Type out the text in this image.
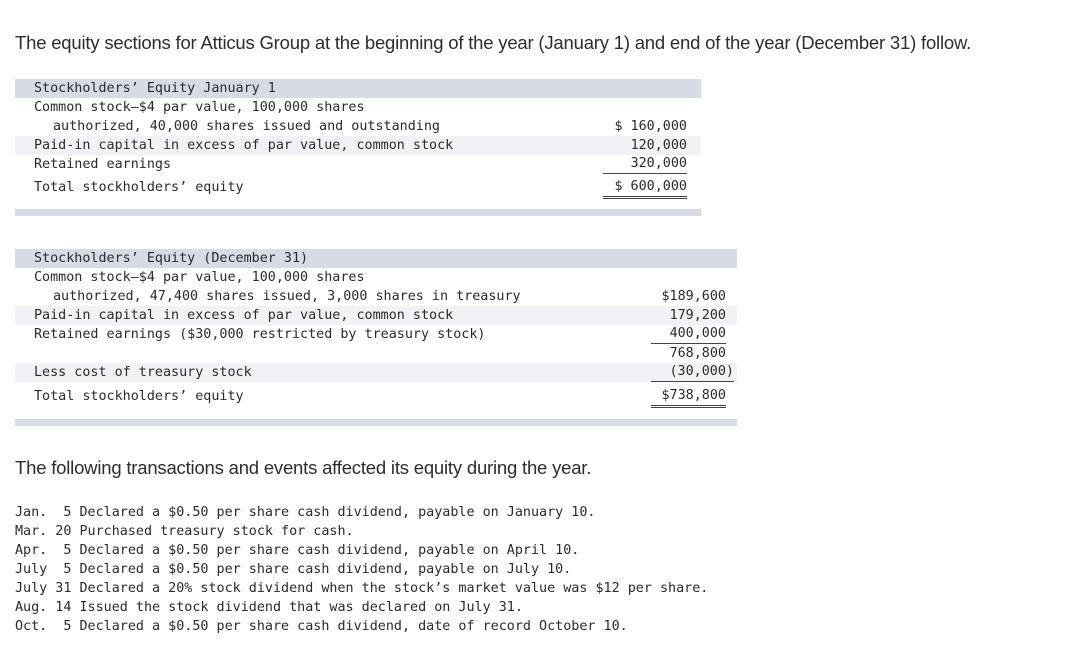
The equity sections for Atticus Group at the beginning of the year (January 1) and end of the year (December 31) follow.

Stockholders’ Equity January 1
Common stock—$4 par value, 100,000 shares
authorized, 40,000 shares issued and outstanding	$ 160,000
Paid-in capital in excess of par value, common stock	120,000
Retained earnings	320,000
Total stockholders’ equity	$ 600,000
Stockholders’ Equity (December 31)
Common stock—$4 par value, 100,000 shares
authorized, 47,400 shares issued, 3,000 shares in treasury	$189,600
Paid-in capital in excess of par value, common stock	179,200
Retained earnings ($30,000 restricted by treasury stock)	400,000
768,800
Less cost of treasury stock	(30,000)
Total stockholders’ equity	$738,800

The following transactions and events affected its equity during the year.

Jan.  5 Declared a $0.50 per share cash dividend, payable on January 10.
Mar. 20 Purchased treasury stock for cash.
Apr.  5 Declared a $0.50 per share cash dividend, payable on April 10.
July  5 Declared a $0.50 per share cash dividend, payable on July 10.
July 31 Declared a 20% stock dividend when the stock’s market value was $12 per share.
Aug. 14 Issued the stock dividend that was declared on July 31.
Oct.  5 Declared a $0.50 per share cash dividend, date of record October 10.
